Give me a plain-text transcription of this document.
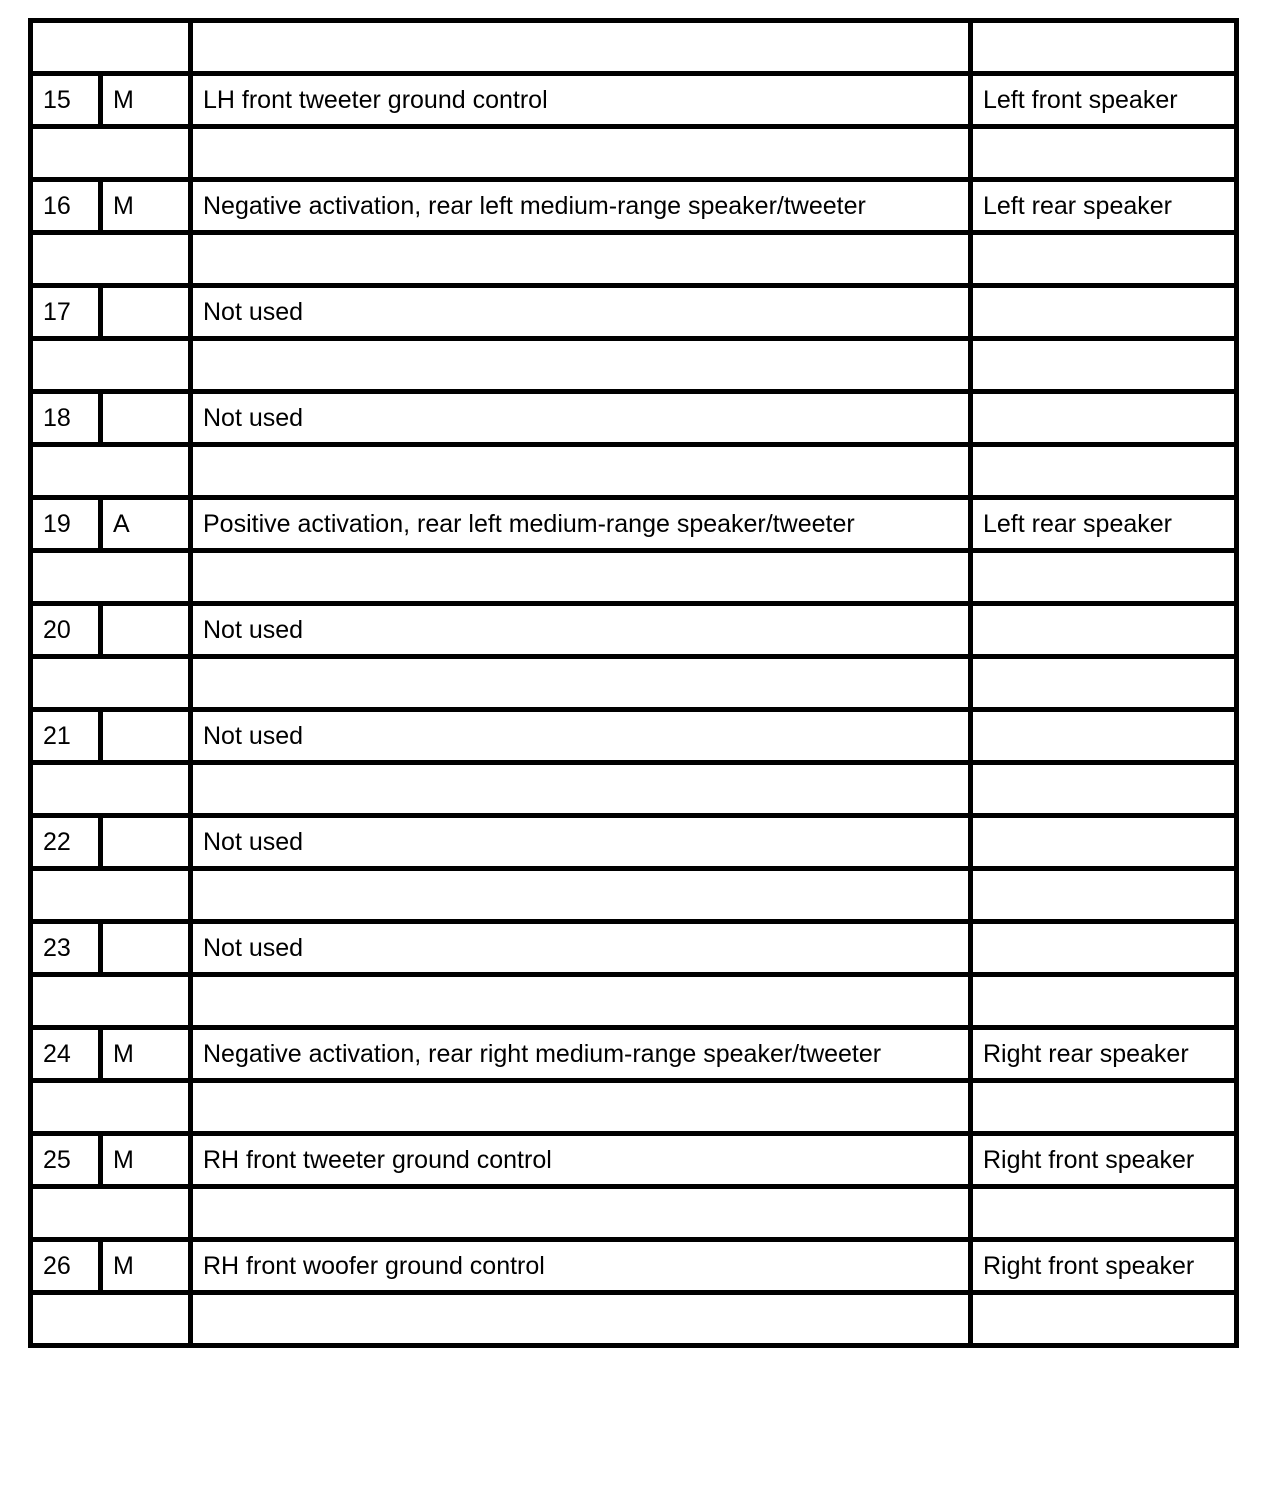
15	M	LH front tweeter ground control	Left front speaker

16	M	Negative activation, rear left medium-range speaker/tweeter	Left rear speaker

17		Not used	

18		Not used	

19	A	Positive activation, rear left medium-range speaker/tweeter	Left rear speaker

20		Not used	

21		Not used	

22		Not used	

23		Not used	

24	M	Negative activation, rear right medium-range speaker/tweeter	Right rear speaker

25	M	RH front tweeter ground control	Right front speaker

26	M	RH front woofer ground control	Right front speaker
